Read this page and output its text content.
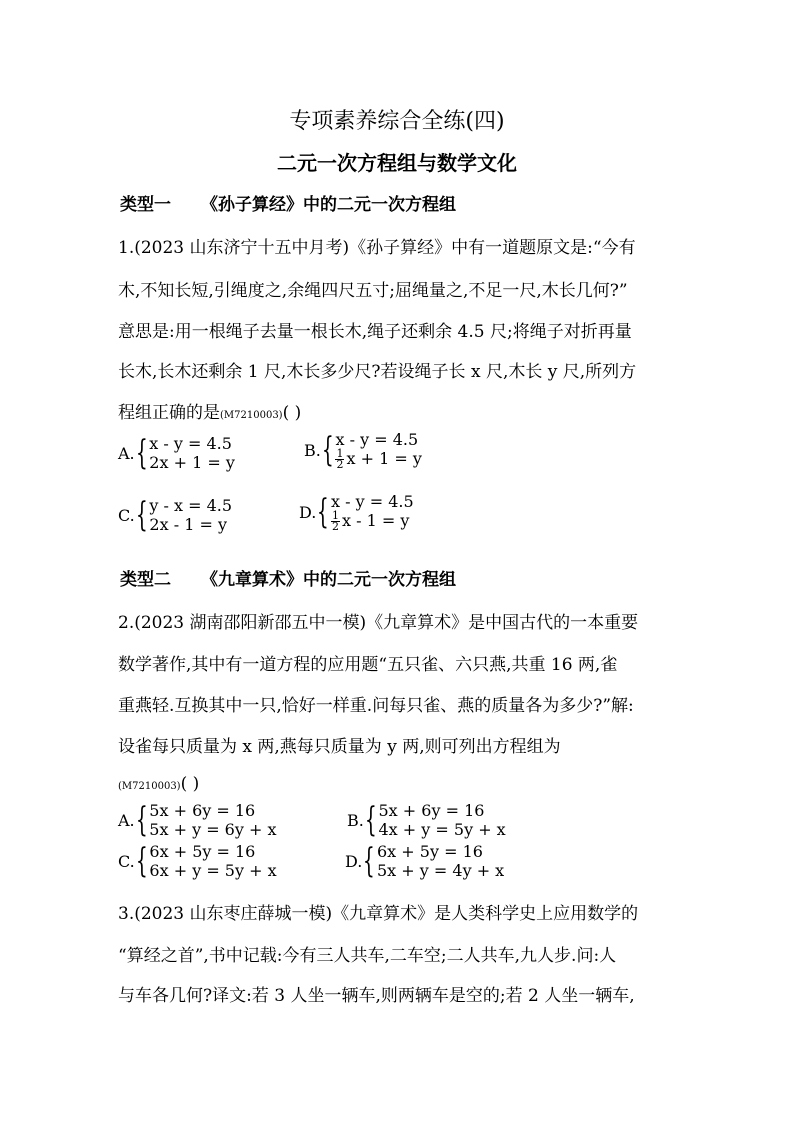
专项素养综合全练(四)
二元一次方程组与数学文化
类型一 《孙子算经》中的二元一次方程组
1.(2023 山东济宁十五中月考)《孙子算经》中有一道题原文是:“今有
木,不知长短,引绳度之,余绳四尺五寸;屈绳量之,不足一尺,木长几何?”
意思是:用一根绳子去量一根长木,绳子还剩余 4.5 尺;将绳子对折再量
长木,长木还剩余 1 尺,木长多少尺?若设绳子长 x 尺,木长 y 尺,所列方
程组正确的是(M7210003)( )
A. { x - y = 4.5
2x + 1 = y
B. { x - y = 4.5
$\frac{1}{2}$ x + 1 = y
C. { y - x = 4.5
2x - 1 = y
D. { x - y = 4.5
$\frac{1}{2}$ x - 1 = y
类型二 《九章算术》中的二元一次方程组
2.(2023 湖南邵阳新邵五中一模)《九章算术》是中国古代的一本重要
数学著作,其中有一道方程的应用题“五只雀、六只燕,共重 16 两,雀
重燕轻.互换其中一只,恰好一样重.问每只雀、燕的质量各为多少?”解:
设雀每只质量为 x 两,燕每只质量为 y 两,则可列出方程组为
(M7210003)( )
A. { 5x + 6y = 16
5x + y = 6y + x	B. { 5x + 6y = 16
4x + y = 5y + x
C. { 6x + 5y = 16
6x + y = 5y + x	D. { 6x + 5y = 16
5x + y = 4y + x
3.(2023 山东枣庄薛城一模)《九章算术》是人类科学史上应用数学的
“算经之首”,书中记载:今有三人共车,二车空;二人共车,九人步.问:人
与车各几何?译文:若 3 人坐一辆车,则两辆车是空的;若 2 人坐一辆车,
